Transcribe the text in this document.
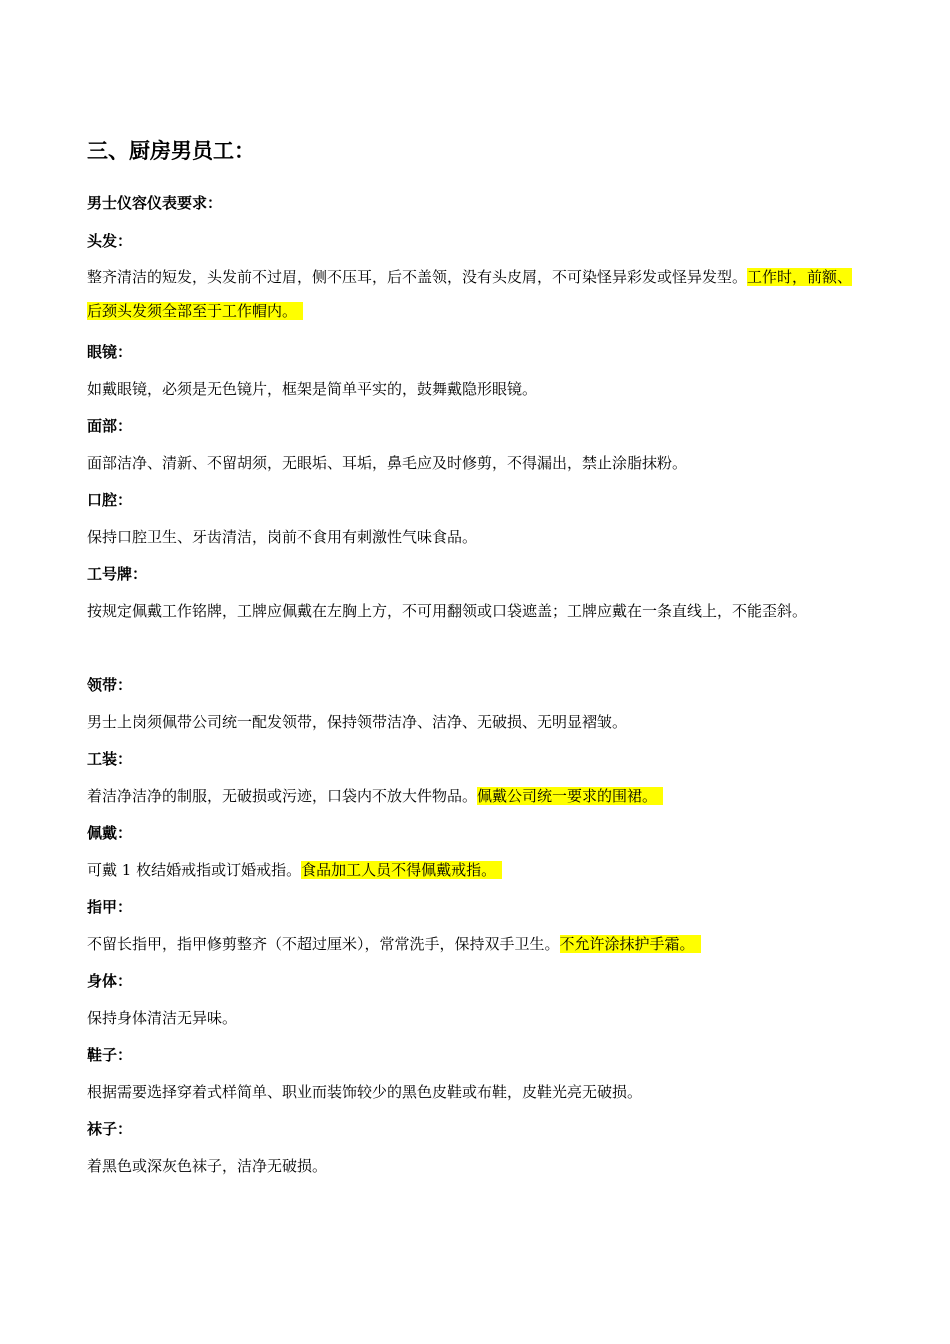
三、厨房男员工：
男士仪容仪表要求：
头发：
整齐清洁的短发，头发前不过眉，侧不压耳，后不盖领，没有头皮屑，不可染怪异彩发或怪异发型。工作时，前额、后颈头发须全部至于工作帽内。
眼镜：
如戴眼镜，必须是无色镜片，框架是简单平实的，鼓舞戴隐形眼镜。
面部：
面部洁净、清新、不留胡须，无眼垢、耳垢，鼻毛应及时修剪，不得漏出，禁止涂脂抹粉。
口腔：
保持口腔卫生、牙齿清洁，岗前不食用有刺激性气味食品。
工号牌：
按规定佩戴工作铭牌，工牌应佩戴在左胸上方，不可用翻领或口袋遮盖；工牌应戴在一条直线上，不能歪斜。
领带：
男士上岗须佩带公司统一配发领带，保持领带洁净、洁净、无破损、无明显褶皱。
工装：
着洁净洁净的制服，无破损或污迹，口袋内不放大件物品。佩戴公司统一要求的围裙。
佩戴：
可戴 1 枚结婚戒指或订婚戒指。食品加工人员不得佩戴戒指。
指甲：
不留长指甲，指甲修剪整齐（不超过厘米），常常洗手，保持双手卫生。不允许涂抹护手霜。
身体：
保持身体清洁无异味。
鞋子：
根据需要选择穿着式样简单、职业而装饰较少的黑色皮鞋或布鞋，皮鞋光亮无破损。
袜子：
着黑色或深灰色袜子，洁净无破损。
